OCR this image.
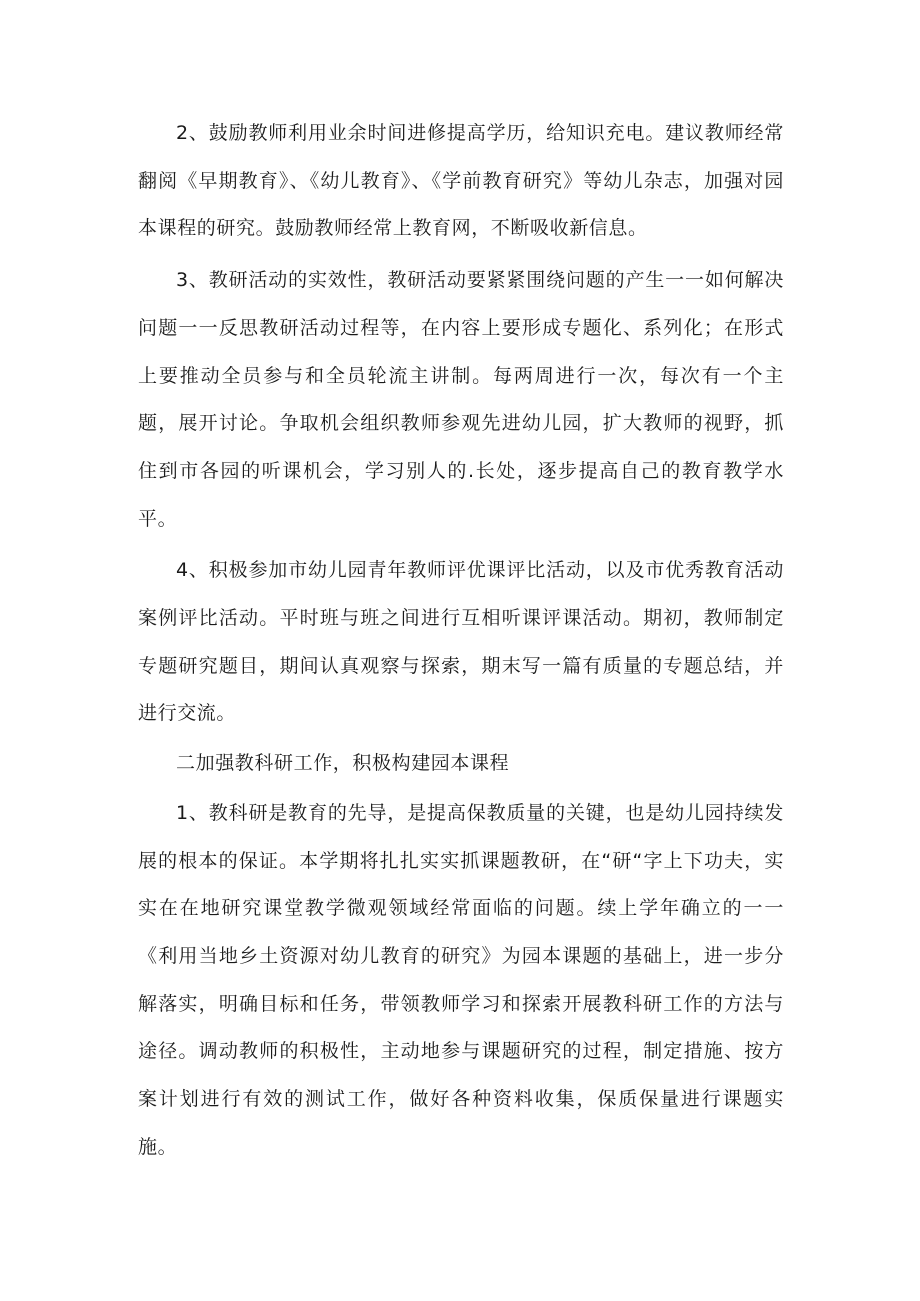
2、鼓励教师利用业余时间进修提高学历，给知识充电。建议教师经常翻阅《早期教育》、《幼儿教育》、《学前教育研究》等幼儿杂志，加强对园本课程的研究。鼓励教师经常上教育网，不断吸收新信息。

3、教研活动的实效性，教研活动要紧紧围绕问题的产生一一如何解决问题一一反思教研活动过程等，在内容上要形成专题化、系列化；在形式上要推动全员参与和全员轮流主讲制。每两周进行一次，每次有一个主题，展开讨论。争取机会组织教师参观先进幼儿园，扩大教师的视野，抓住到市各园的听课机会，学习别人的.长处，逐步提高自己的教育教学水平。

4、积极参加市幼儿园青年教师评优课评比活动，以及市优秀教育活动案例评比活动。平时班与班之间进行互相听课评课活动。期初，教师制定专题研究题目，期间认真观察与探索，期末写一篇有质量的专题总结，并进行交流。

二加强教科研工作，积极构建园本课程

1、教科研是教育的先导，是提高保教质量的关键，也是幼儿园持续发展的根本的保证。本学期将扎扎实实抓课题教研，在“研“字上下功夫，实实在在地研究课堂教学微观领域经常面临的问题。续上学年确立的一一《利用当地乡土资源对幼儿教育的研究》为园本课题的基础上，进一步分解落实，明确目标和任务，带领教师学习和探索开展教科研工作的方法与途径。调动教师的积极性，主动地参与课题研究的过程，制定措施、按方案计划进行有效的测试工作，做好各种资料收集，保质保量进行课题实施。
